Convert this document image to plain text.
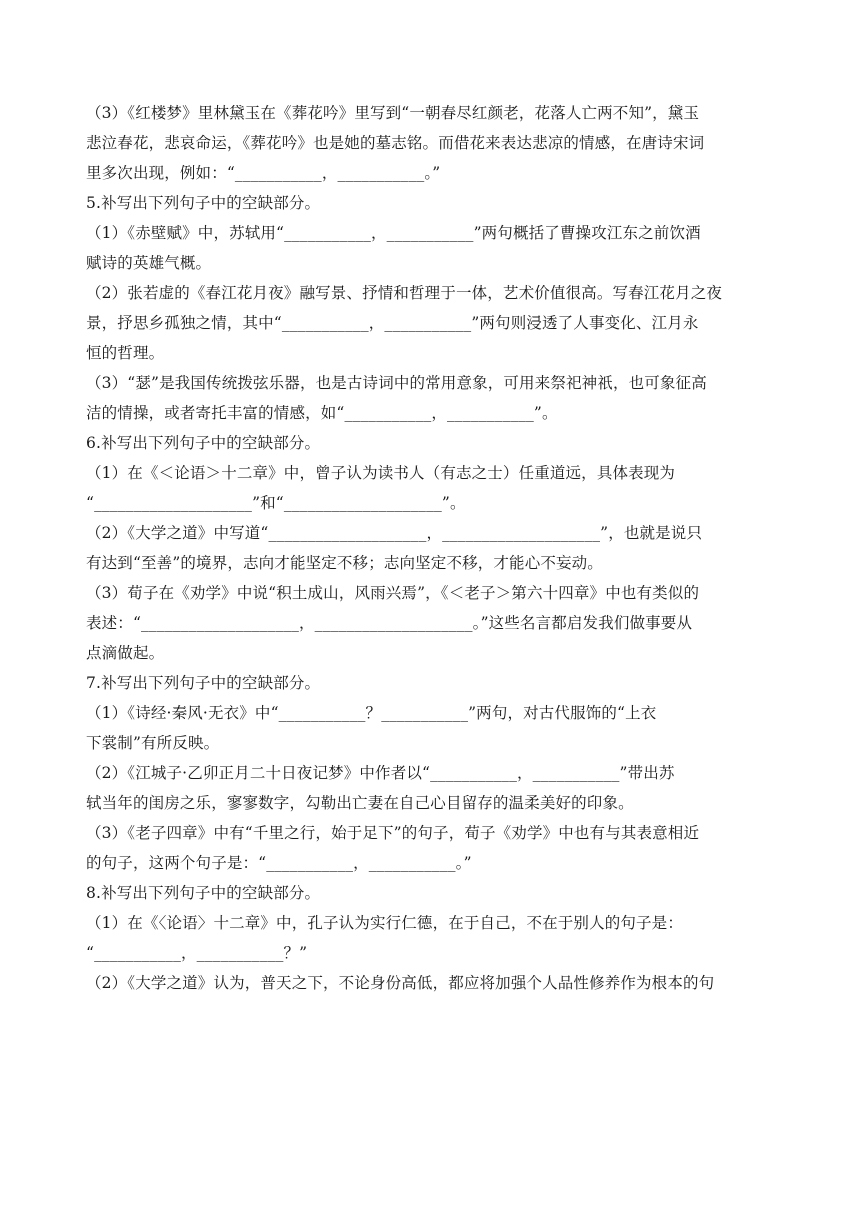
（3）《红楼梦》里林黛玉在《葬花吟》里写到“一朝春尽红颜老，花落人亡两不知”，黛玉
悲泣春花，悲哀命运，《葬花吟》也是她的墓志铭。而借花来表达悲凉的情感，在唐诗宋词
里多次出现，例如：“___________，___________。”
5.补写出下列句子中的空缺部分。
（1）《赤壁赋》中，苏轼用“___________，___________”两句概括了曹操攻江东之前饮酒
赋诗的英雄气概。
（2）张若虚的《春江花月夜》融写景、抒情和哲理于一体，艺术价值很高。写春江花月之夜
景，抒思乡孤独之情，其中“___________，___________”两句则浸透了人事变化、江月永
恒的哲理。
（3）“瑟”是我国传统拨弦乐器，也是古诗词中的常用意象，可用来祭祀神祇，也可象征高
洁的情操，或者寄托丰富的情感，如“___________，___________”。
6.补写出下列句子中的空缺部分。
（1）在《＜论语＞十二章》中，曾子认为读书人（有志之士）任重道远，具体表现为
“____________________”和“____________________”。
（2）《大学之道》中写道“____________________，____________________”，也就是说只
有达到“至善”的境界，志向才能坚定不移；志向坚定不移，才能心不妄动。
（3）荀子在《劝学》中说“积土成山，风雨兴焉”，《＜老子＞第六十四章》中也有类似的
表述：“____________________，____________________。”这些名言都启发我们做事要从
点滴做起。
7.补写出下列句子中的空缺部分。
（1）《诗经·秦风·无衣》中“___________？___________”两句，对古代服饰的“上衣
下裳制”有所反映。
（2）《江城子·乙卯正月二十日夜记梦》中作者以“___________，___________”带出苏
轼当年的闺房之乐，寥寥数字，勾勒出亡妻在自己心目留存的温柔美好的印象。
（3）《老子四章》中有“千里之行，始于足下”的句子，荀子《劝学》中也有与其表意相近
的句子，这两个句子是：“___________，___________。”
8.补写出下列句子中的空缺部分。
（1）在《〈论语〉十二章》中，孔子认为实行仁德，在于自己，不在于别人的句子是：
“___________，___________？”
（2）《大学之道》认为，普天之下，不论身份高低，都应将加强个人品性修养作为根本的句
